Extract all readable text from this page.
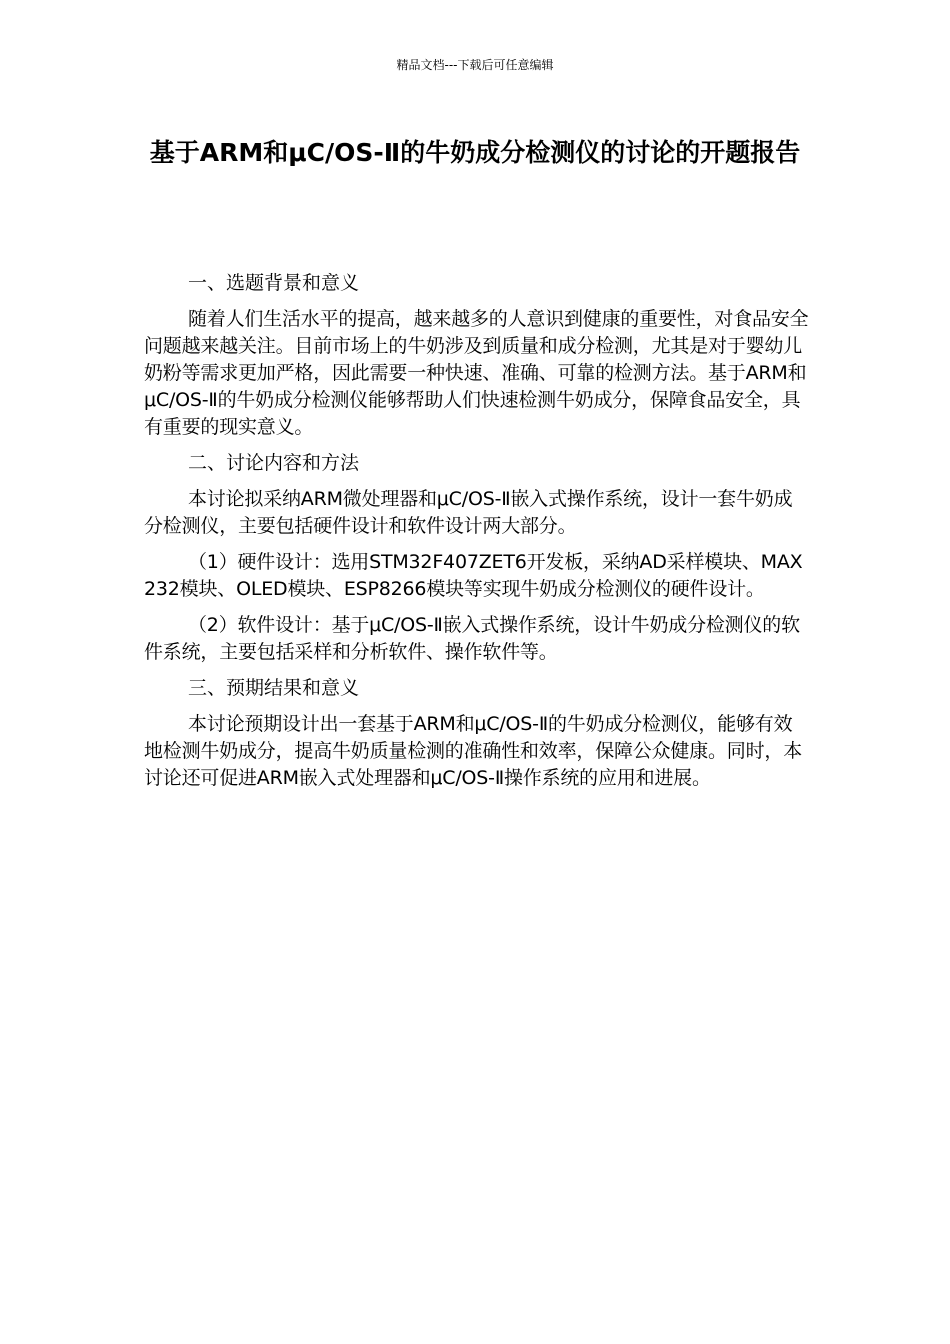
精品文档---下载后可任意编辑
基于ARM和μC/OS-Ⅱ的牛奶成分检测仪的讨论的开题报告

一、选题背景和意义

随着人们生活水平的提高，越来越多的人意识到健康的重要性，对食品安全问题越来越关注。目前市场上的牛奶涉及到质量和成分检测，尤其是对于婴幼儿奶粉等需求更加严格，因此需要一种快速、准确、可靠的检测方法。基于ARM和μC/OS-Ⅱ的牛奶成分检测仪能够帮助人们快速检测牛奶成分，保障食品安全，具有重要的现实意义。

二、讨论内容和方法

本讨论拟采纳ARM微处理器和μC/OS-Ⅱ嵌入式操作系统，设计一套牛奶成分检测仪，主要包括硬件设计和软件设计两大部分。

（1）硬件设计：选用STM32F407ZET6开发板，采纳AD采样模块、MAX232模块、OLED模块、ESP8266模块等实现牛奶成分检测仪的硬件设计。

（2）软件设计：基于μC/OS-Ⅱ嵌入式操作系统，设计牛奶成分检测仪的软件系统，主要包括采样和分析软件、操作软件等。

三、预期结果和意义

本讨论预期设计出一套基于ARM和μC/OS-Ⅱ的牛奶成分检测仪，能够有效地检测牛奶成分，提高牛奶质量检测的准确性和效率，保障公众健康。同时，本讨论还可促进ARM嵌入式处理器和μC/OS-Ⅱ操作系统的应用和进展。
